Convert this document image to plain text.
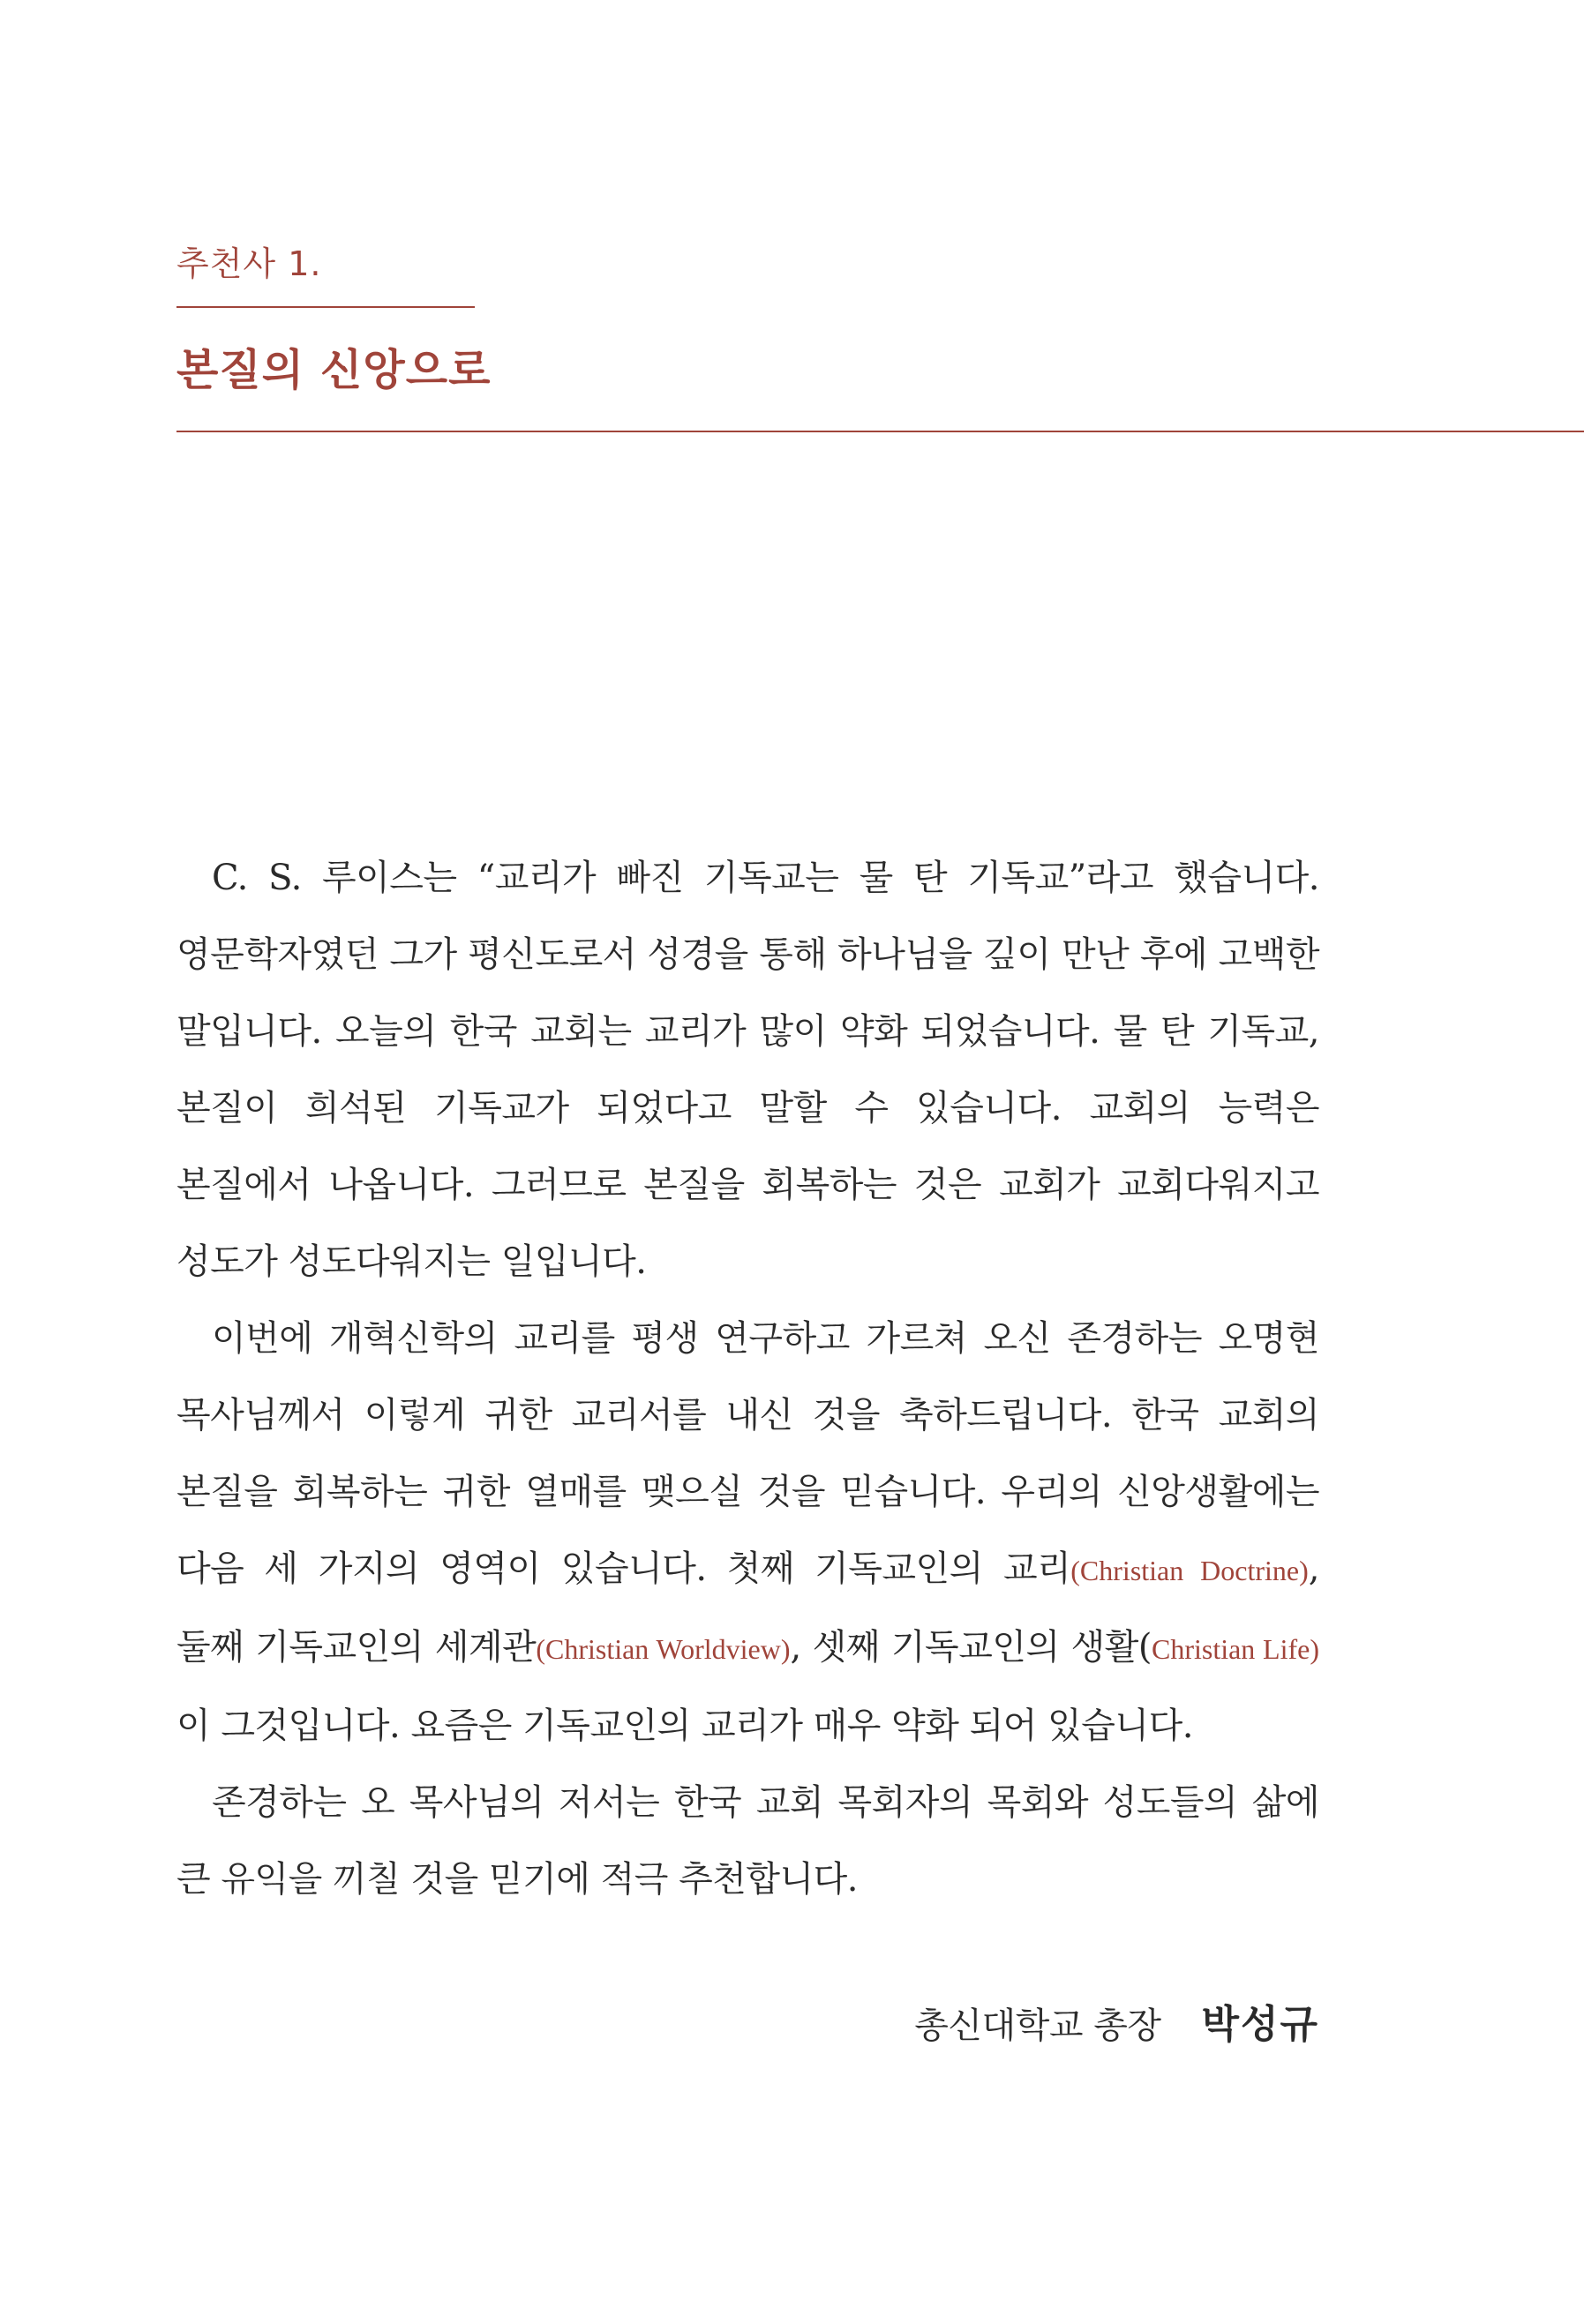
추천사 1.
본질의 신앙으로

C. S. 루이스는 “교리가 빠진 기독교는 물 탄 기독교”라고 했습니다. 영문학자였던 그가 평신도로서 성경을 통해 하나님을 깊이 만난 후에 고백한 말입니다. 오늘의 한국 교회는 교리가 많이 약화 되었습니다. 물 탄 기독교, 본질이 희석된 기독교가 되었다고 말할 수 있습니다. 교회의 능력은 본질에서 나옵니다. 그러므로 본질을 회복하는 것은 교회가 교회다워지고 성도가 성도다워지는 일입니다.

이번에 개혁신학의 교리를 평생 연구하고 가르쳐 오신 존경하는 오명현 목사님께서 이렇게 귀한 교리서를 내신 것을 축하드립니다. 한국 교회의 본질을 회복하는 귀한 열매를 맺으실 것을 믿습니다. 우리의 신앙생활에는 다음 세 가지의 영역이 있습니다. 첫째 기독교인의 교리(Christian Doctrine), 둘째 기독교인의 세계관(Christian Worldview), 셋째 기독교인의 생활(Christian Life)이 그것입니다. 요즘은 기독교인의 교리가 매우 약화 되어 있습니다.

존경하는 오 목사님의 저서는 한국 교회 목회자의 목회와 성도들의 삶에 큰 유익을 끼칠 것을 믿기에 적극 추천합니다.

총신대학교 총장 박성규
